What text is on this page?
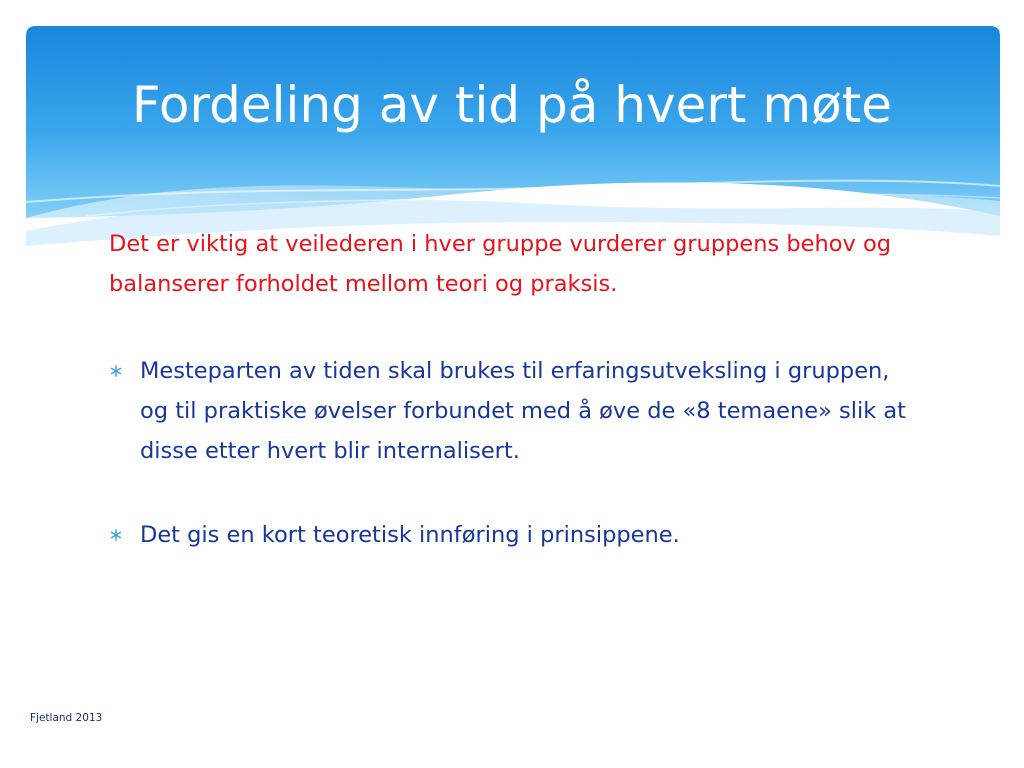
Fordeling av tid på hvert møte
Det er viktig at veilederen i hver gruppe vurderer gruppens behov og balanserer forholdet mellom teori og praksis.
Mesteparten av tiden skal brukes til erfaringsutveksling i gruppen, og til praktiske øvelser forbundet med å øve de «8 temaene» slik at disse etter hvert blir internalisert.
Det gis en kort teoretisk innføring i prinsippene.
Fjetland 2013
